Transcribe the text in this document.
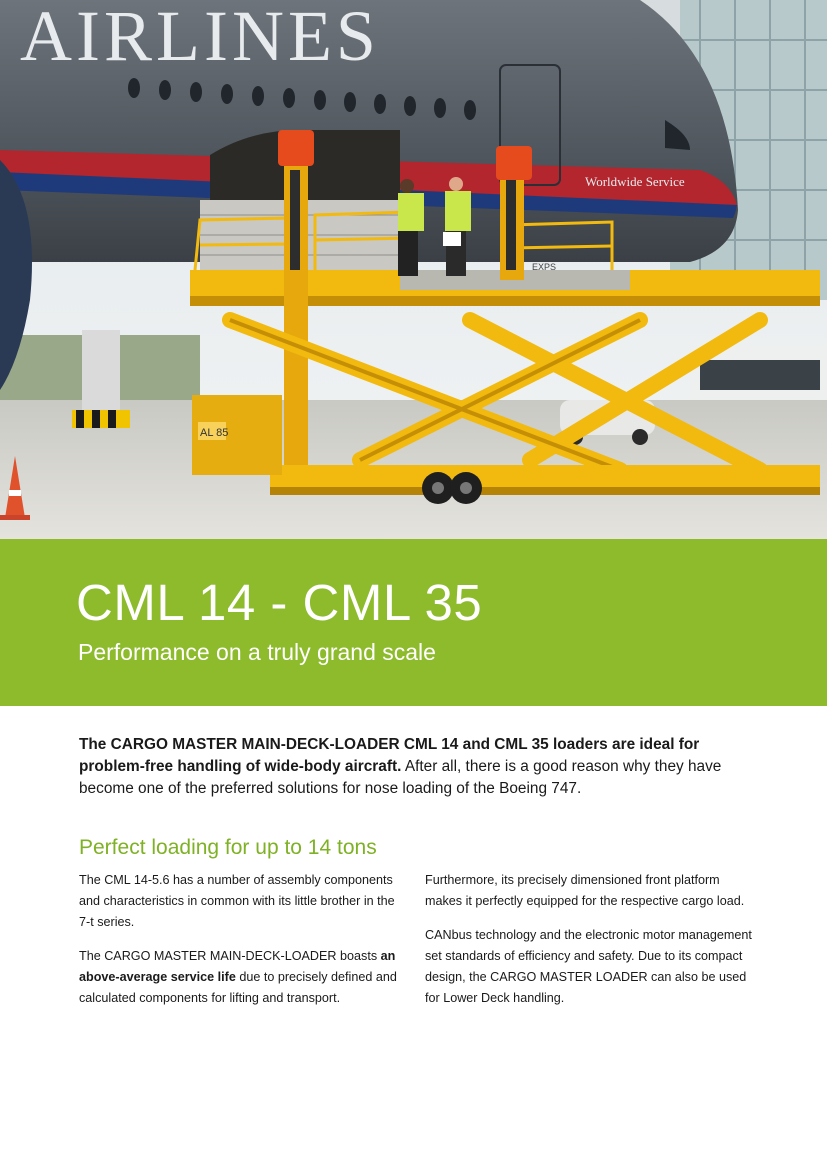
AIRLINES
Worldwide Service
EXPS
AL 85
CML 14 - CML 35
Performance on a truly grand scale

The CARGO MASTER MAIN-DECK-LOADER CML 14 and CML 35 loaders are ideal for problem-free handling of wide-body aircraft. After all, there is a good reason why they have become one of the preferred solutions for nose loading of the Boeing 747.

Perfect loading for up to 14 tons

The CML 14-5.6 has a number of assembly components and characteristics in common with its little brother in the 7-t series.

The CARGO MASTER MAIN-DECK-LOADER boasts an above-average service life due to precisely defined and calculated components for lifting and transport.

Furthermore, its precisely dimensioned front platform makes it perfectly equipped for the respective cargo load.

CANbus technology and the electronic motor management set standards of efficiency and safety. Due to its compact design, the CARGO MASTER LOADER can also be used for Lower Deck handling.
